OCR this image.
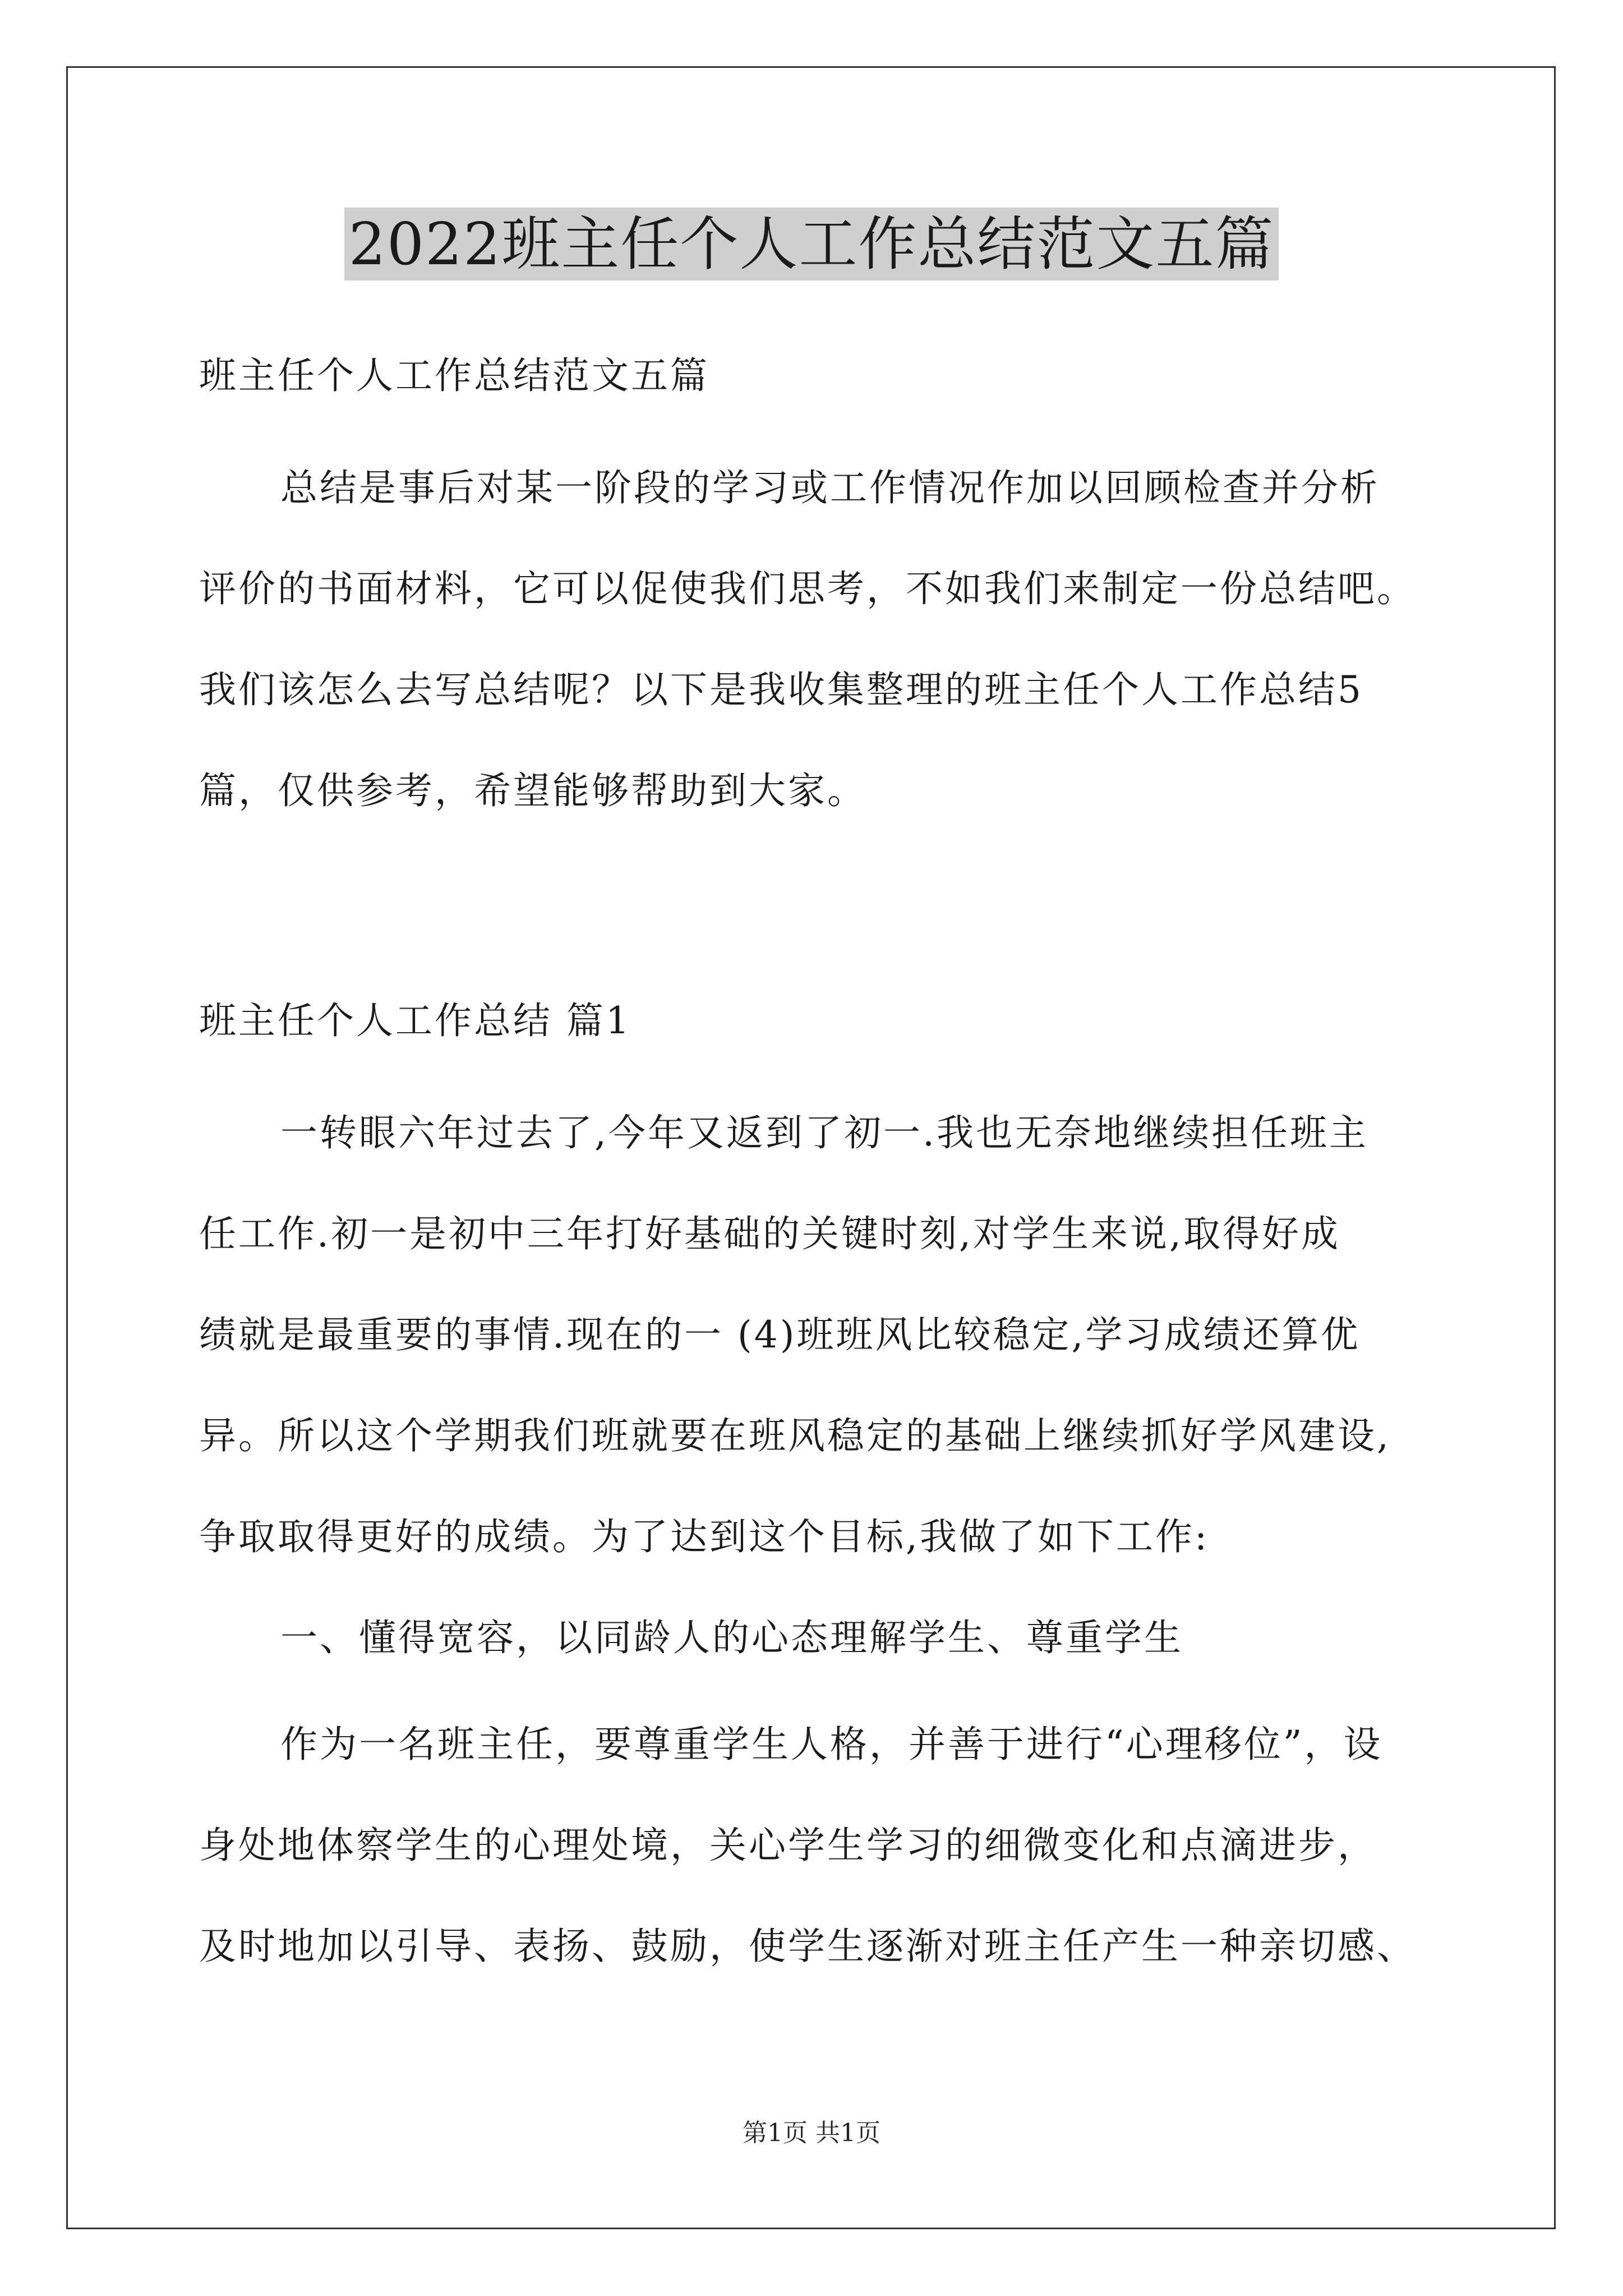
2022班主任个人工作总结范文五篇
班主任个人工作总结范文五篇
总结是事后对某一阶段的学习或工作情况作加以回顾检查并分析
评价的书面材料，它可以促使我们思考，不如我们来制定一份总结吧。
我们该怎么去写总结呢？以下是我收集整理的班主任个人工作总结5
篇，仅供参考，希望能够帮助到大家。
班主任个人工作总结 篇1
一转眼六年过去了,今年又返到了初一.我也无奈地继续担任班主
任工作.初一是初中三年打好基础的关键时刻,对学生来说,取得好成
绩就是最重要的事情.现在的一 (4)班班风比较稳定,学习成绩还算优
异。所以这个学期我们班就要在班风稳定的基础上继续抓好学风建设,
争取取得更好的成绩。为了达到这个目标,我做了如下工作:
一、懂得宽容，以同龄人的心态理解学生、尊重学生
作为一名班主任，要尊重学生人格，并善于进行“心理移位”，设
身处地体察学生的心理处境，关心学生学习的细微变化和点滴进步，
及时地加以引导、表扬、鼓励，使学生逐渐对班主任产生一种亲切感、
第1页 共1页
